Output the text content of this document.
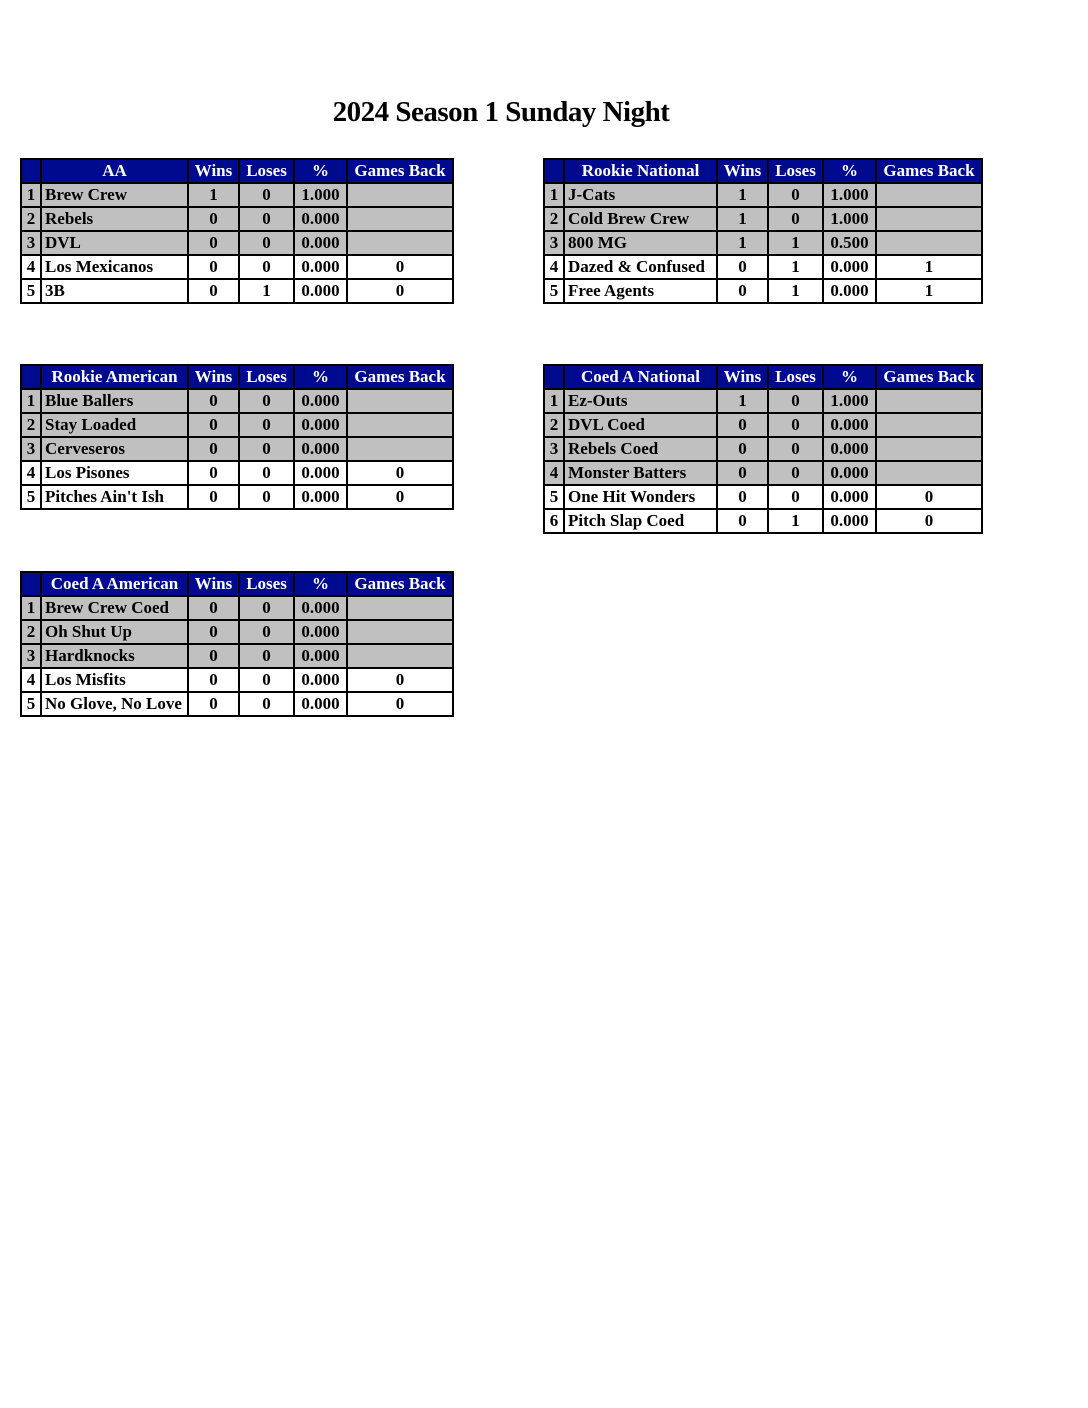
2024 Season 1 Sunday Night
	AA	Wins	Loses	%	Games Back
1	Brew Crew	1	0	1.000	
2	Rebels	0	0	0.000	
3	DVL	0	0	0.000	
4	Los Mexicanos	0	0	0.000	0
5	3B	0	1	0.000	0
	Rookie National	Wins	Loses	%	Games Back
1	J-Cats	1	0	1.000	
2	Cold Brew Crew	1	0	1.000	
3	800 MG	1	1	0.500	
4	Dazed & Confused	0	1	0.000	1
5	Free Agents	0	1	0.000	1
	Rookie American	Wins	Loses	%	Games Back
1	Blue Ballers	0	0	0.000	
2	Stay Loaded	0	0	0.000	
3	Cerveseros	0	0	0.000	
4	Los Pisones	0	0	0.000	0
5	Pitches Ain't Ish	0	0	0.000	0
	Coed A National	Wins	Loses	%	Games Back
1	Ez-Outs	1	0	1.000	
2	DVL Coed	0	0	0.000	
3	Rebels Coed	0	0	0.000	
4	Monster Batters	0	0	0.000	
5	One Hit Wonders	0	0	0.000	0
6	Pitch Slap Coed	0	1	0.000	0
	Coed A American	Wins	Loses	%	Games Back
1	Brew Crew Coed	0	0	0.000	
2	Oh Shut Up	0	0	0.000	
3	Hardknocks	0	0	0.000	
4	Los Misfits	0	0	0.000	0
5	No Glove, No Love	0	0	0.000	0
